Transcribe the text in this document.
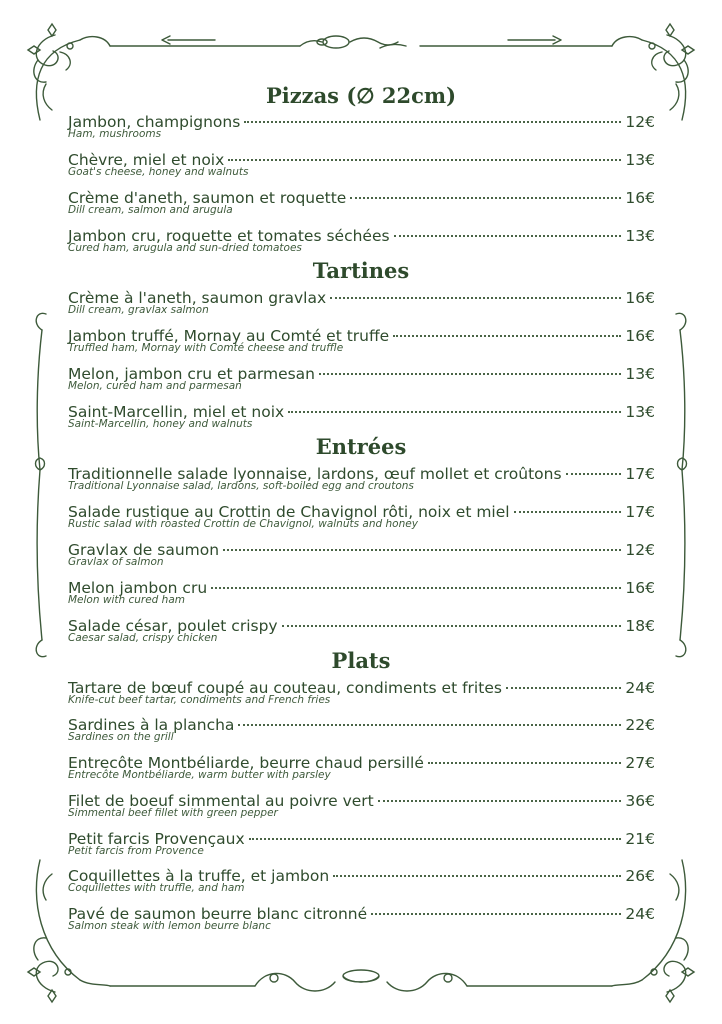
Pizzas (∅ 22cm)
Jambon, champignons	12€
Ham, mushrooms
Chèvre, miel et noix	13€
Goat's cheese, honey and walnuts
Crème d'aneth, saumon et roquette	16€
Dill cream, salmon and arugula
Jambon cru, roquette et tomates séchées	13€
Cured ham, arugula and sun-dried tomatoes
Tartines
Crème à l'aneth, saumon gravlax	16€
Dill cream, gravlax salmon
Jambon truffé, Mornay au Comté et truffe	16€
Truffled ham, Mornay with Comté cheese and truffle
Melon, jambon cru et parmesan	13€
Melon, cured ham and parmesan
Saint-Marcellin, miel et noix	13€
Saint-Marcellin, honey and walnuts
Entrées
Traditionnelle salade lyonnaise, lardons, œuf mollet et croûtons	17€
Traditional Lyonnaise salad, lardons, soft-boiled egg and croutons
Salade rustique au Crottin de Chavignol rôti, noix et miel	17€
Rustic salad with roasted Crottin de Chavignol, walnuts and honey
Gravlax de saumon	12€
Gravlax of salmon
Melon jambon cru	16€
Melon with cured ham
Salade césar, poulet crispy	18€
Caesar salad, crispy chicken
Plats
Tartare de bœuf coupé au couteau, condiments et frites	24€
Knife-cut beef tartar, condiments and French fries
Sardines à la plancha	22€
Sardines on the grill
Entrecôte Montbéliarde, beurre chaud persillé	27€
Entrecôte Montbéliarde, warm butter with parsley
Filet de boeuf simmental au poivre vert	36€
Simmental beef fillet with green pepper
Petit farcis Provençaux	21€
Petit farcis from Provence
Coquillettes à la truffe, et jambon	26€
Coquillettes with truffle, and ham
Pavé de saumon beurre blanc citronné	24€
Salmon steak with lemon beurre blanc
